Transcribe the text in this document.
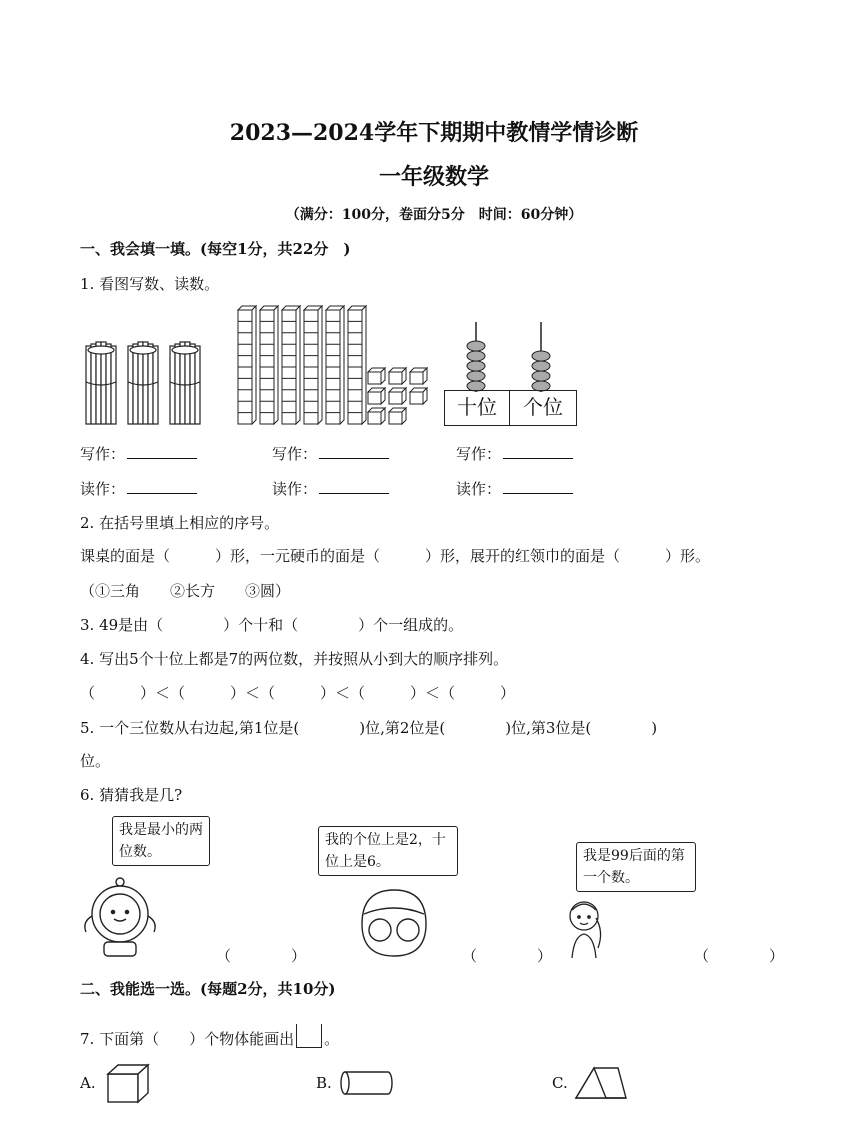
2023—2024学年下期期中教情学情诊断
一年级数学
（满分：100分，卷面分5分　时间：60分钟）
一、我会填一填。(每空1分，共22分　)
1. 看图写数、读数。
十位	个位
写作：	写作：	写作：
读作：	读作：	读作：
2. 在括号里填上相应的序号。
课桌的面是（　　　）形，一元硬币的面是（　　　）形，展开的红领巾的面是（　　　）形。
（①三角　　②长方　　③圆）
3. 49是由（　　　　）个十和（　　　　）个一组成的。
4. 写出5个十位上都是7的两位数，并按照从小到大的顺序排列。
（　　　）＜（　　　）＜（　　　）＜（　　　）＜（　　　）
5. 一个三位数从右边起,第1位是(　　　　)位,第2位是(　　　　)位,第3位是(　　　　)
位。
6. 猜猜我是几?
我是最小的两位数。
我的个位上是2，十位上是6。	我是99后面的第一个数。
（　　　　）	（　　　　）	（　　　　）
二、我能选一选。(每题2分，共10分)
7. 下面第（　　）个物体能画出 。
A.	B.	C.
